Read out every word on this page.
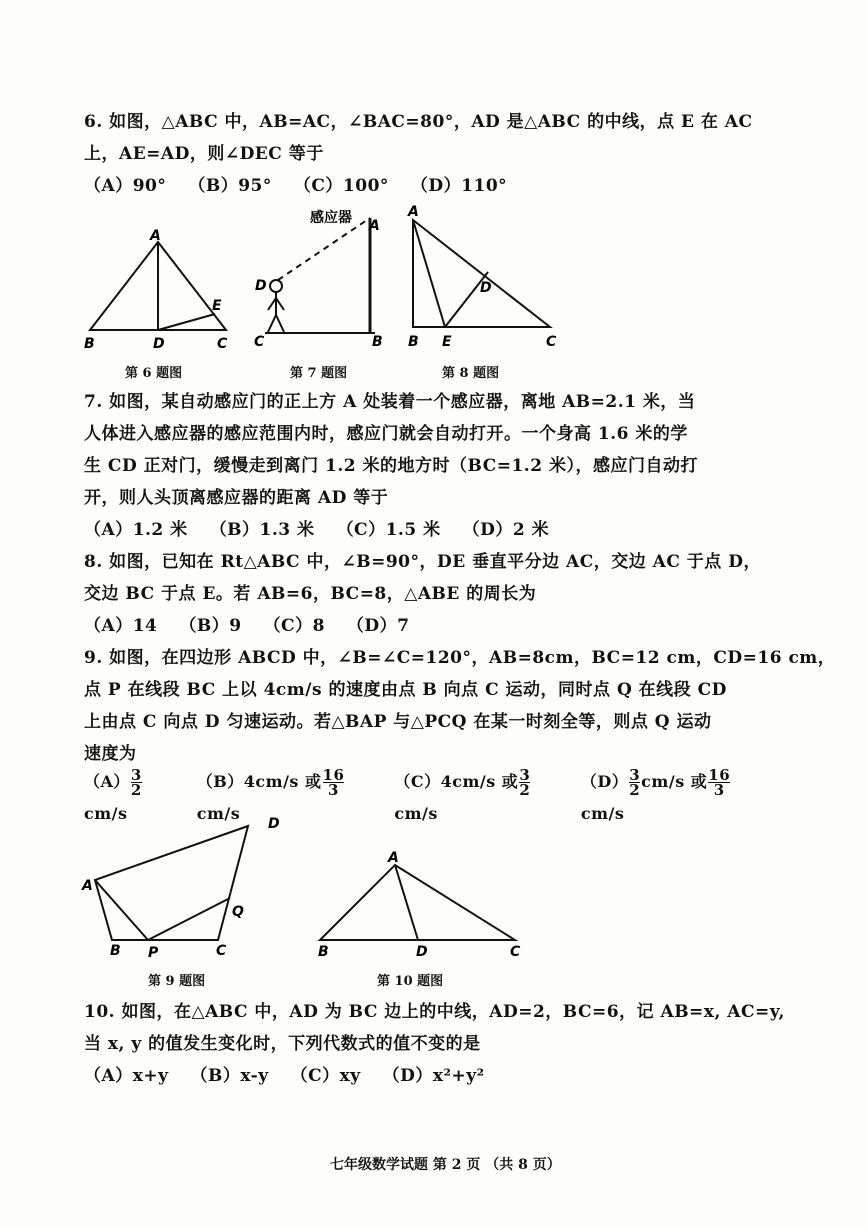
6. 如图，△ABC 中，AB=AC，∠BAC=80°，AD 是△ABC 的中线，点 E 在 AC
上，AE=AD，则∠DEC 等于
（A）90° （B）95° （C）100° （D）110°
A
B	D
E
C
感应器 A
D
C	B
A
D
B E	C
第 6 题图	第 7 题图	第 8 题图
7. 如图，某自动感应门的正上方 A 处装着一个感应器，离地 AB=2.1 米，当
人体进入感应器的感应范围内时，感应门就会自动打开。一个身高 1.6 米的学
生 CD 正对门，缓慢走到离门 1.2 米的地方时（BC=1.2 米），感应门自动打
开，则人头顶离感应器的距离 AD 等于
（A）1.2 米 （B）1.3 米 （C）1.5 米 （D）2 米
8. 如图，已知在 Rt△ABC 中，∠B=90°，DE 垂直平分边 AC，交边 AC 于点 D，
交边 BC 于点 E。若 AB=6，BC=8，△ABE 的周长为
（A）14 （B）9 （C）8 （D）7
9. 如图，在四边形 ABCD 中，∠B=∠C=120°，AB=8cm，BC=12 cm，CD=16 cm，
点 P 在线段 BC 上以 4cm/s 的速度由点 B 向点 C 运动，同时点 Q 在线段 CD
上由点 C 向点 D 匀速运动。若△BAP 与△PCQ 在某一时刻全等，则点 Q 运动
速度为
$(A) \frac{3}{2}$
cm/s
（B）4cm/s 或 $\frac{16}{3}$
cm/s
（C）4cm/s 或 $\frac{3}{2}$
cm/s
$(D) \frac{3}{2} cm/s$ 或 $\frac{16}{3}$
cm/s
D
A
Q
B P	C
A
B	D	C
第 9 题图	第 10 题图
10. 如图，在△ABC 中，AD 为 BC 边上的中线，AD=2，BC=6，记 AB=x, AC=y,
当 x, y 的值发生变化时，下列代数式的值不变的是
（A）x+y （B）x-y （C）xy （D）x²+y²
七年级数学试题 第 2 页 （共 8 页）
